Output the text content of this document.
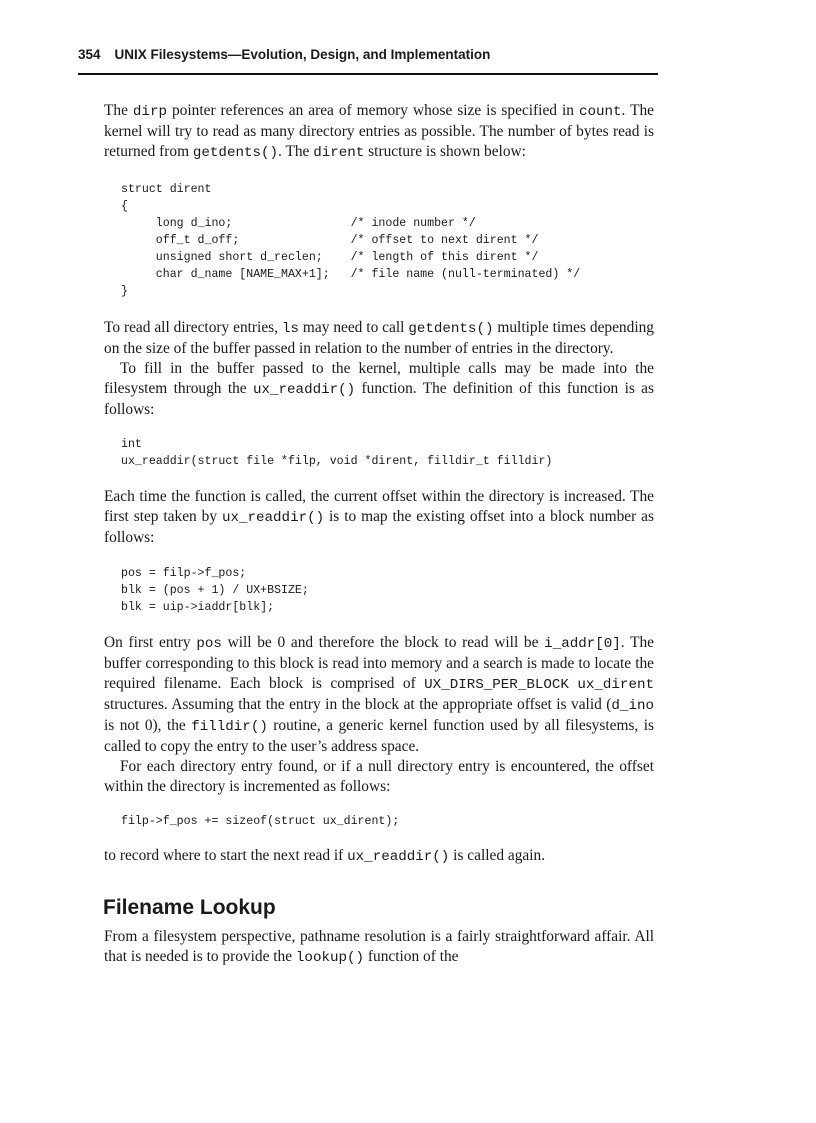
354 UNIX Filesystems—Evolution, Design, and Implementation

The dirp pointer references an area of memory whose size is specified in count. The kernel will try to read as many directory entries as possible. The number of bytes read is returned from getdents(). The dirent structure is shown below:

struct dirent
{
long d_ino;                 /* inode number */
off_t d_off;                /* offset to next dirent */
unsigned short d_reclen;    /* length of this dirent */
char d_name [NAME_MAX+1];   /* file name (null-terminated) */
}

To read all directory entries, ls may need to call getdents() multiple times depending on the size of the buffer passed in relation to the number of entries in the directory.

To fill in the buffer passed to the kernel, multiple calls may be made into the filesystem through the ux_readdir() function. The definition of this function is as follows:

int
ux_readdir(struct file *filp, void *dirent, filldir_t filldir)

Each time the function is called, the current offset within the directory is increased. The first step taken by ux_readdir() is to map the existing offset into a block number as follows:

pos = filp->f_pos;
blk = (pos + 1) / UX+BSIZE;
blk = uip->iaddr[blk];

On first entry pos will be 0 and therefore the block to read will be i_addr[0]. The buffer corresponding to this block is read into memory and a search is made to locate the required filename. Each block is comprised of UX_DIRS_PER_BLOCK ux_dirent structures. Assuming that the entry in the block at the appropriate offset is valid (d_ino is not 0), the filldir() routine, a generic kernel function used by all filesystems, is called to copy the entry to the user’s address space.

For each directory entry found, or if a null directory entry is encountered, the offset within the directory is incremented as follows:

filp->f_pos += sizeof(struct ux_dirent);

to record where to start the next read if ux_readdir() is called again.

Filename Lookup

From a filesystem perspective, pathname resolution is a fairly straightforward affair. All that is needed is to provide the lookup() function of the
